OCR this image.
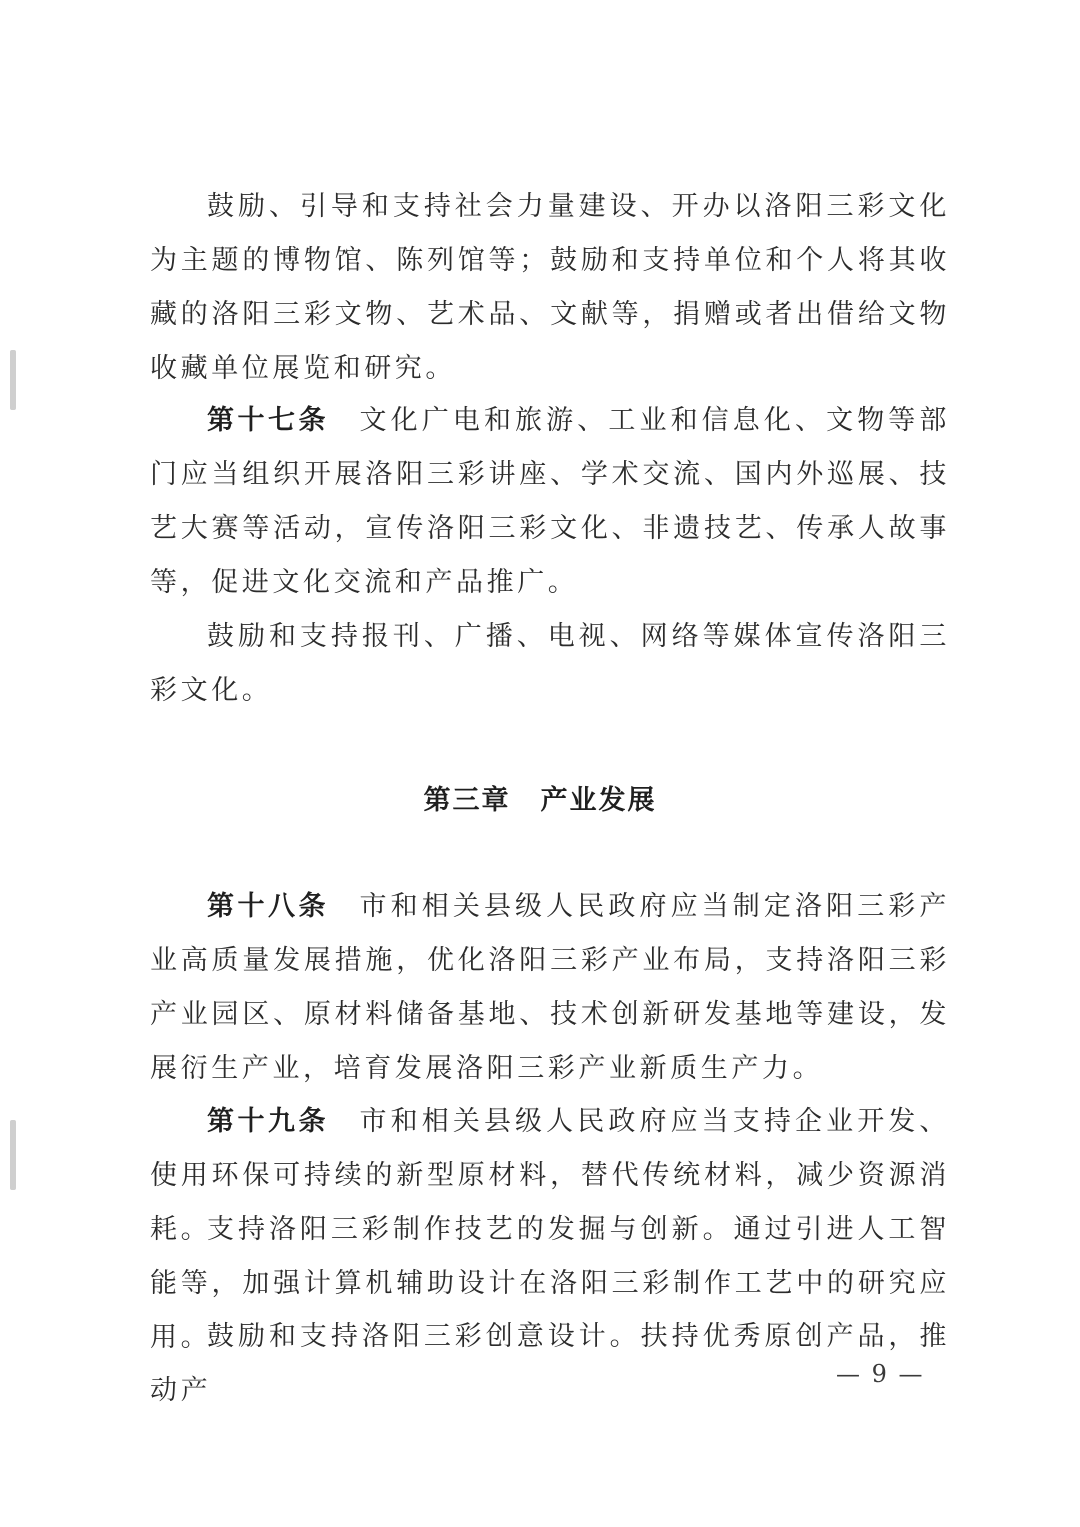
鼓励、引导和支持社会力量建设、开办以洛阳三彩文化为主题的博物馆、陈列馆等；鼓励和支持单位和个人将其收藏的洛阳三彩文物、艺术品、文献等，捐赠或者出借给文物收藏单位展览和研究。

第十七条 文化广电和旅游、工业和信息化、文物等部门应当组织开展洛阳三彩讲座、学术交流、国内外巡展、技艺大赛等活动，宣传洛阳三彩文化、非遗技艺、传承人故事等，促进文化交流和产品推广。

鼓励和支持报刊、广播、电视、网络等媒体宣传洛阳三彩文化。

第三章 产业发展

第十八条 市和相关县级人民政府应当制定洛阳三彩产业高质量发展措施，优化洛阳三彩产业布局，支持洛阳三彩产业园区、原材料储备基地、技术创新研发基地等建设，发展衍生产业，培育发展洛阳三彩产业新质生产力。

第十九条 市和相关县级人民政府应当支持企业开发、使用环保可持续的新型原材料，替代传统材料，减少资源消耗。

支持洛阳三彩制作技艺的发掘与创新。通过引进人工智能等，加强计算机辅助设计在洛阳三彩制作工艺中的研究应用。

鼓励和支持洛阳三彩创意设计。扶持优秀原创产品，推动产

— 9 —
